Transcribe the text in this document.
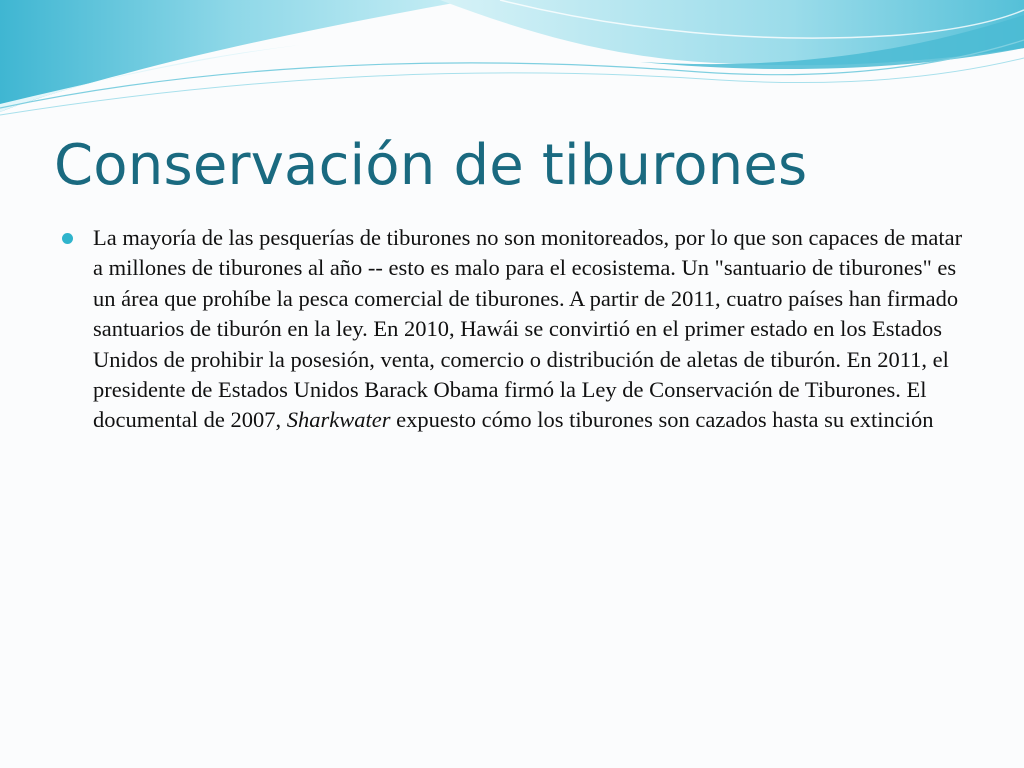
Conservación de tiburones
La mayoría de las pesquerías de tiburones no son monitoreados, por lo que son capaces de matar a millones de tiburones al año -- esto es malo para el ecosistema. Un "santuario de tiburones" es un área que prohíbe la pesca comercial de tiburones. A partir de 2011, cuatro países han firmado santuarios de tiburón en la ley. En 2010, Hawái se convirtió en el primer estado en los Estados Unidos de prohibir la posesión, venta, comercio o distribución de aletas de tiburón. En 2011, el presidente de Estados Unidos Barack Obama firmó la Ley de Conservación de Tiburones. El documental de 2007, Sharkwater expuesto cómo los tiburones son cazados hasta su extinción
